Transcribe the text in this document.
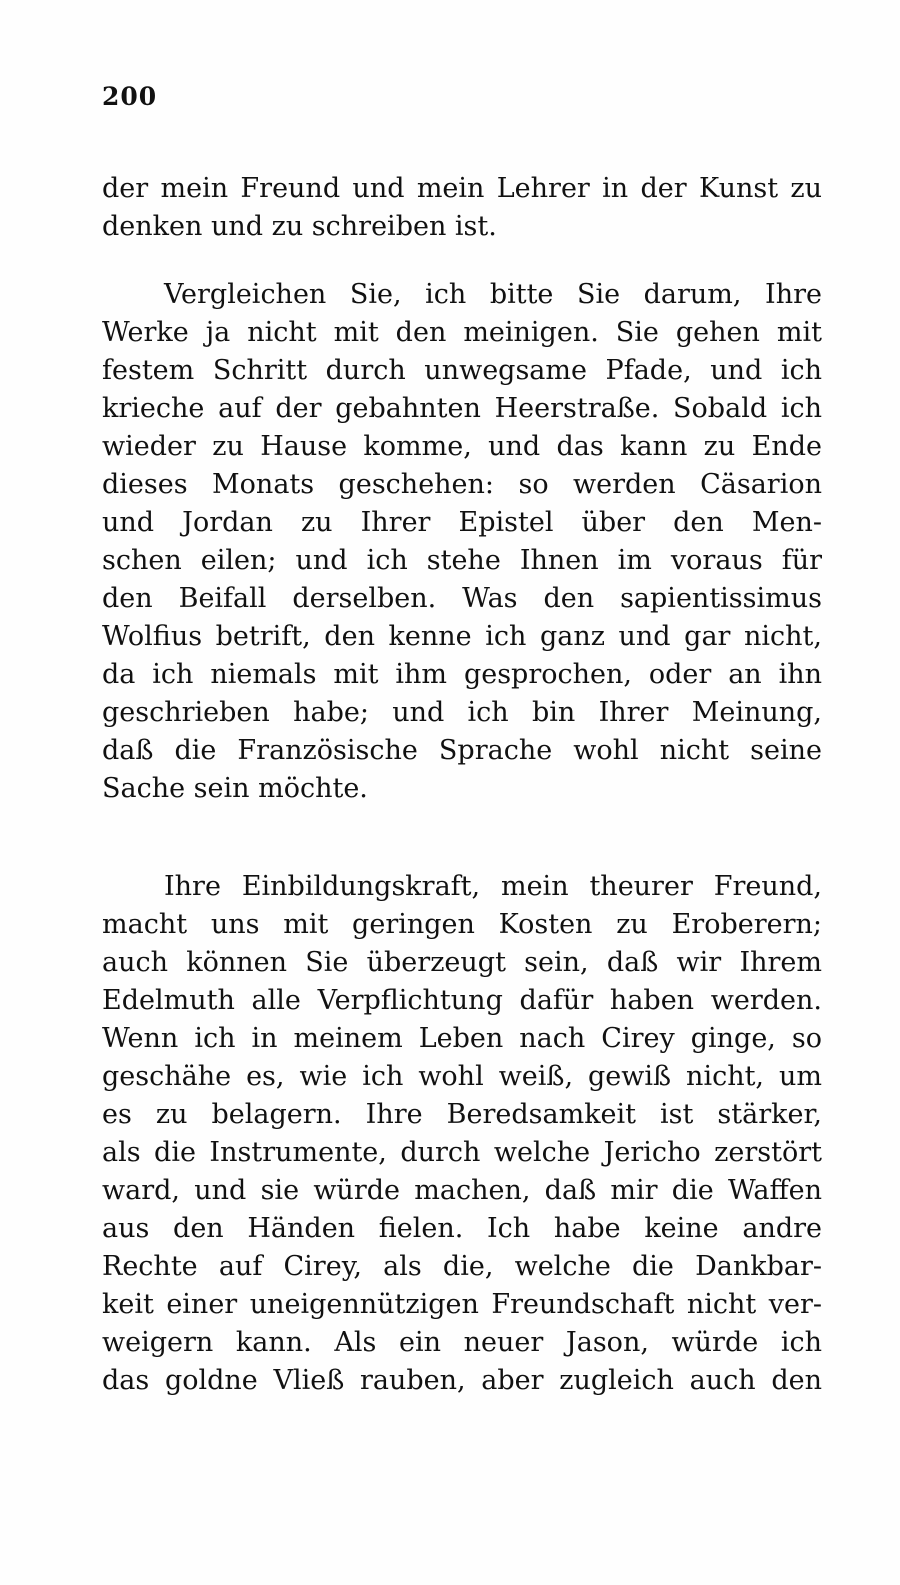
200
der mein Freund und mein Lehrer in der Kunst zu
denken und zu schreiben ist.
Vergleichen Sie, ich bitte Sie darum, Ihre
Werke ja nicht mit den meinigen. Sie gehen mit
festem Schritt durch unwegsame Pfade, und ich
krieche auf der gebahnten Heerstraße. Sobald ich
wieder zu Hause komme, und das kann zu Ende
dieses Monats geschehen: so werden Cäsarion
und Jordan zu Ihrer Epistel über den Men-
schen eilen; und ich stehe Ihnen im voraus für
den Beifall derselben. Was den sapientissimus
Wolfius betrift, den kenne ich ganz und gar nicht,
da ich niemals mit ihm gesprochen, oder an ihn
geschrieben habe; und ich bin Ihrer Meinung,
daß die Französische Sprache wohl nicht seine
Sache sein möchte.
Ihre Einbildungskraft, mein theurer Freund,
macht uns mit geringen Kosten zu Eroberern;
auch können Sie überzeugt sein, daß wir Ihrem
Edelmuth alle Verpflichtung dafür haben werden.
Wenn ich in meinem Leben nach Cirey ginge, so
geschähe es, wie ich wohl weiß, gewiß nicht, um
es zu belagern. Ihre Beredsamkeit ist stärker,
als die Instrumente, durch welche Jericho zerstört
ward, und sie würde machen, daß mir die Waffen
aus den Händen fielen. Ich habe keine andre
Rechte auf Cirey, als die, welche die Dankbar-
keit einer uneigennützigen Freundschaft nicht ver-
weigern kann. Als ein neuer Jason, würde ich
das goldne Vließ rauben, aber zugleich auch den
